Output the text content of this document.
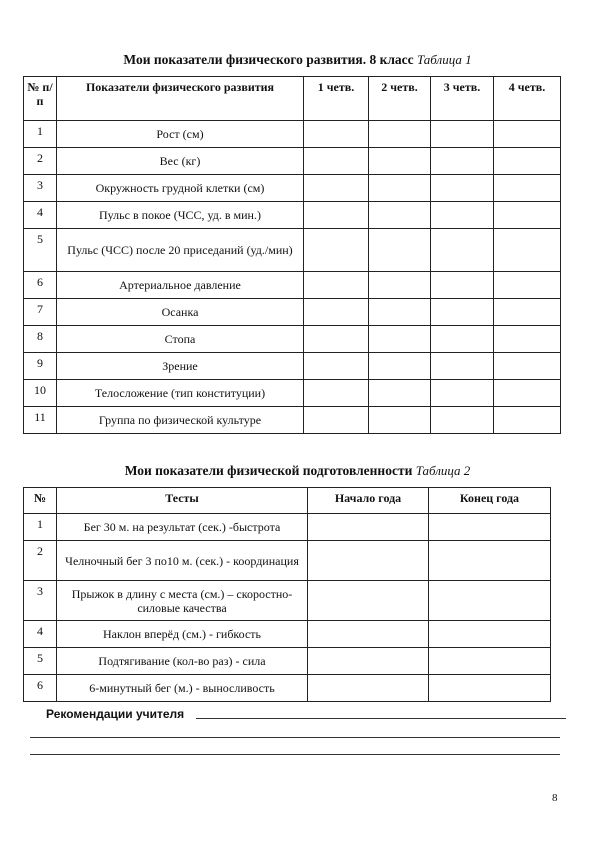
Мои показатели физического развития. 8 класс Таблица 1
№ п/п	Показатели физического развития	1 четв.	2 четв.	3 четв.	4 четв.
1	Рост (см)				
2	Вес (кг)				
3	Окружность грудной клетки (см)				
4	Пульс в покое (ЧСС, уд. в мин.)				
5	Пульс (ЧСС) после 20 приседаний (уд./мин)				
6	Артериальное давление				
7	Осанка				
8	Стопа				
9	Зрение				
10	Телосложение (тип конституции)				
11	Группа по физической культуре				
Мои показатели физической подготовленности Таблица 2
№	Тесты	Начало года	Конец года
1	Бег 30 м. на результат (сек.) -быстрота		
2	Челночный бег 3 по10 м. (сек.) - координация		
3	Прыжок в длину с места (см.) – скоростно-силовые качества		
4	Наклон вперёд (см.) - гибкость		
5	Подтягивание (кол-во раз) - сила		
6	6-минутный бег (м.) - выносливость		
Рекомендации учителя
8
